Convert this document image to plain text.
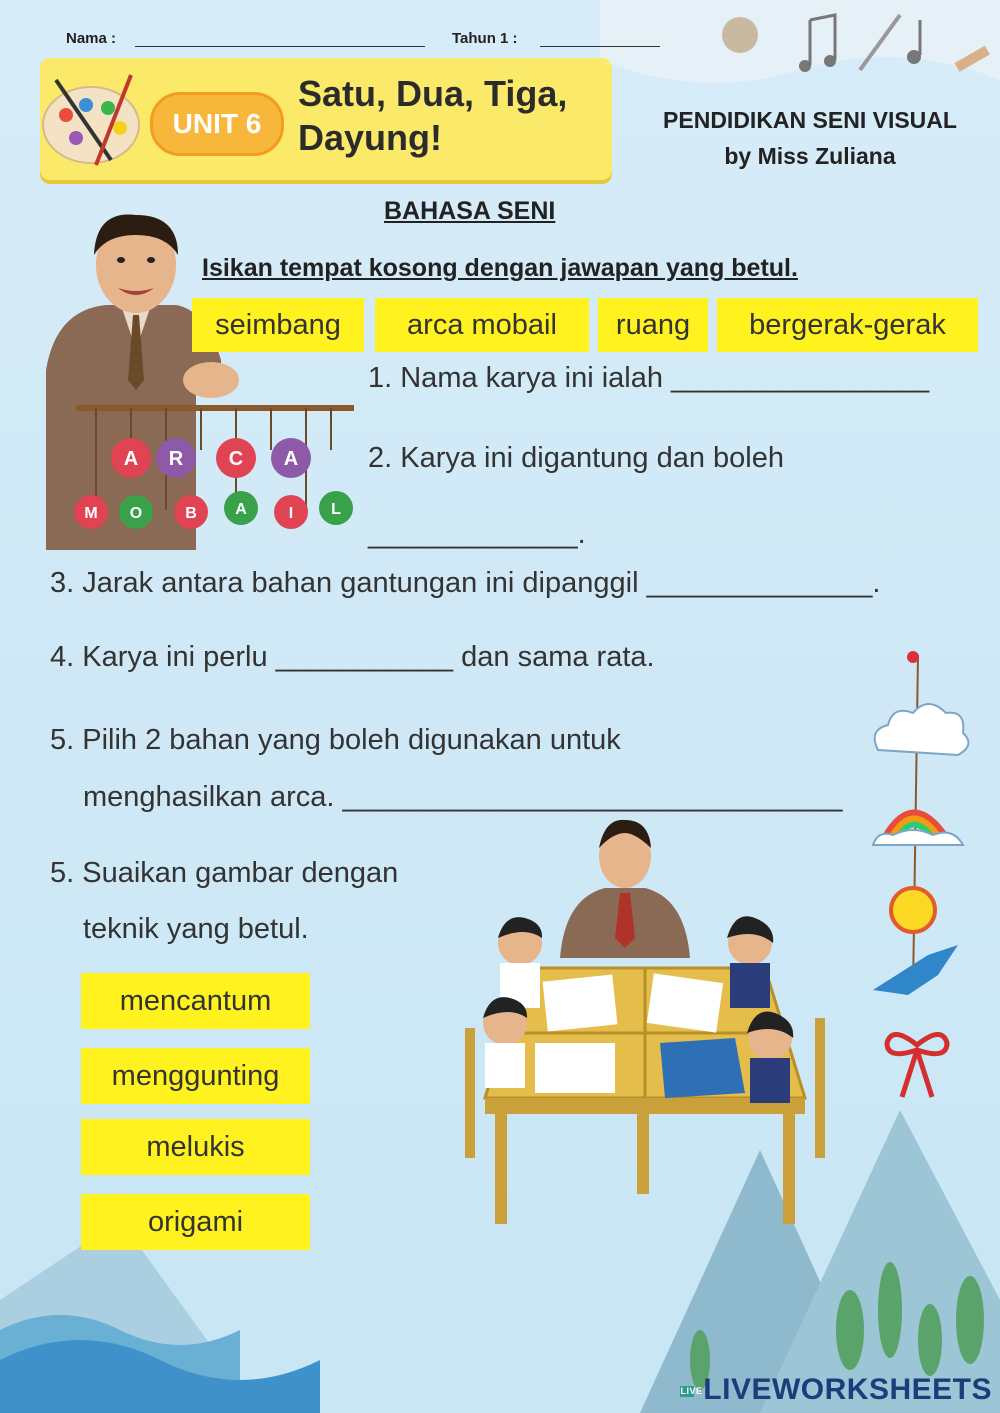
Nama :	Tahun 1 :
UNIT 6
Satu, Dua, Tiga,
Dayung!	PENDIDIKAN SENI VISUAL
by Miss Zuliana
BAHASA SENI
Isikan tempat kosong dengan jawapan yang betul.
A R C A
M O	B A	I L
seimbang	arca mobail	ruang	bergerak-gerak
1. Nama karya ini ialah ________________
2. Karya ini digantung dan boleh
_____________.
3. Jarak antara bahan gantungan ini dipanggil ______________.
4. Karya ini perlu ___________ dan sama rata.
5. Pilih 2 bahan yang boleh digunakan untuk
menghasilkan arca. _______________________________
5. Suaikan gambar dengan
teknik yang betul.
mencantum
menggunting
melukis
origami
LIVE LIVEWORKSHEETS
